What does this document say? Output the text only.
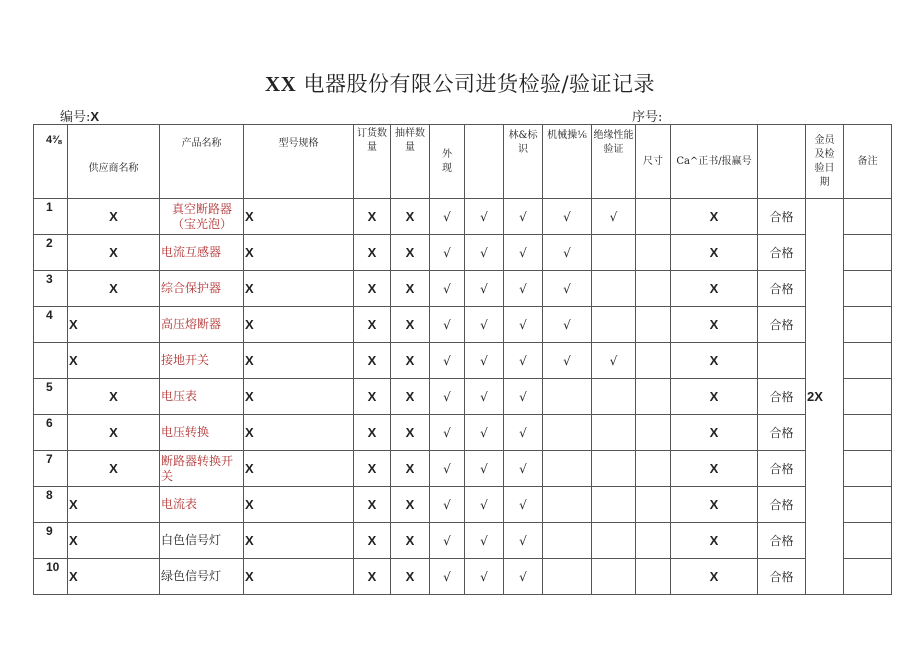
XX 电器股份有限公司进货检验/验证记录
编号:X	序号:
4⅜	供应商名称	产品名称	型号规格	订货数量	抽样数量	外现		林&标识	机械操⅙	绝缘性能验证	尺寸	Ca^正书/报赢号		金员及检验日期	备注
1	X	真空断路器（宝光泡）	X	X	X	√	√	√	√	√		X	合格	2X	
2	X	电流互感器	X	X	X	√	√	√	√			X	合格		
3	X	综合保护器	X	X	X	√	√	√	√			X	合格		
4	X	高压熔断器	X	X	X	√	√	√	√			X	合格		
	X	接地开关	X	X	X	√	√	√	√	√		X			
5	X	电压表	X	X	X	√	√	√				X	合格		
6	X	电压转换	X	X	X	√	√	√				X	合格		
7	X	断路器转换开关	X	X	X	√	√	√				X	合格		
8	X	电流表	X	X	X	√	√	√				X	合格		
9	X	白色信号灯	X	X	X	√	√	√				X	合格		
10	X	绿色信号灯	X	X	X	√	√	√				X	合格		
